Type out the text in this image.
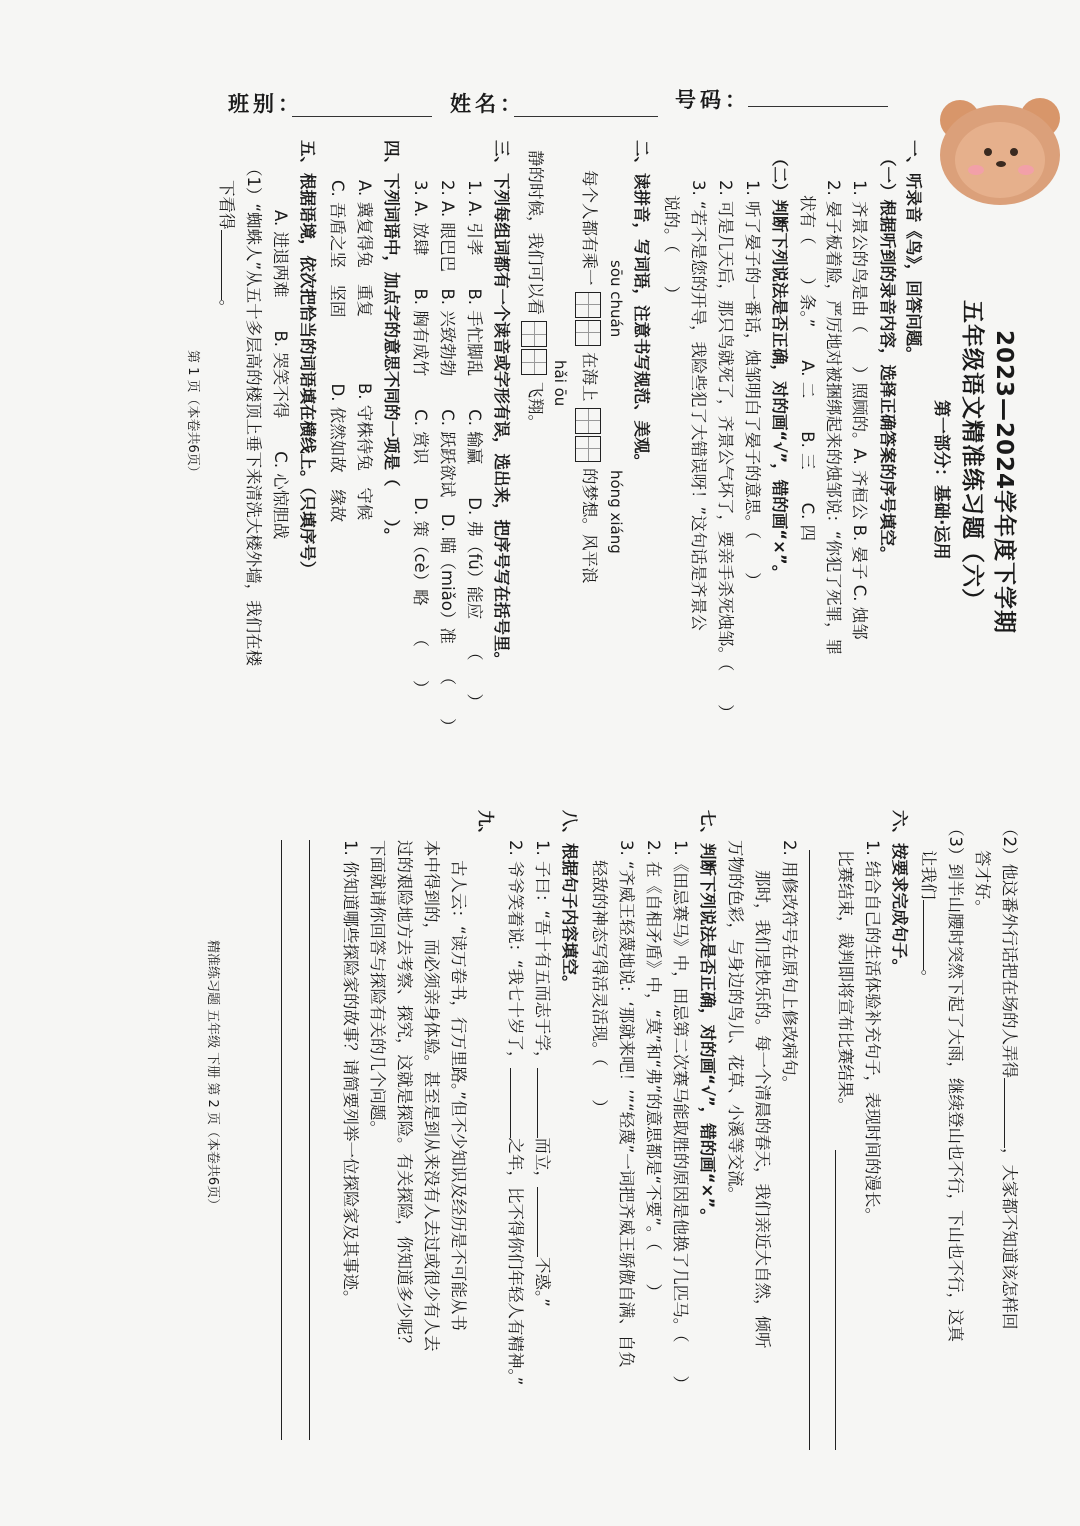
班别：	姓名：	号码：
2023—2024学年度下学期
五年级语文精准练习题（六）
第一部分：基础·运用
一、听录音《鸟》，回答问题。
（一）根据听到的录音内容，选择正确答案的序号填空。
1. 齐景公的鸟是由（　　）照顾的。A. 齐桓公 B. 晏子 C. 烛邹
2. 晏子板着脸，严厉地对被捆绑起来的烛邹说：“你犯了死罪，罪
状有（　　）条。”　　A. 二　　B. 三　　C. 四
（二）判断下列说法是否正确，对的画“√”，错的画“×”。
1. 听了晏子的一番话，烛邹明白了晏子的意思。（　　）
2. 可是几天后，那只鸟就死了，齐景公气坏了，要亲手杀死烛邹。（　　）
3. “若不是您的开导，我险些犯了大错误呀！”这句话是齐景公
说的。（　　）
二、读拼音，写词语，注意书写规范、美观。
sōu chuán
hóng xiáng
每个人都有乘一  在海上  的梦想。风平浪
hǎi ōu
静的时候，我们可以看  飞翔。
三、下列每组词都有一个读音或字形有误，选出来，把序号写在括号里。
1. A. 引孝　　B. 手忙脚乱　　C. 输赢　　D. 弗（fú）能应　　（　　）
2. A. 眼巴巴　B. 兴致勃勃　　C. 跃跃欲试　D. 瞄（miǎo）准　　（　　）
3. A. 放肆　　B. 胸有成竹　　C. 赏识　　D. 策（cè）略　　（　　）
四、下列词语中，加点字的意思不同的一项是（　　）。
A. 冀复得兔　重复　　　　B. 守株待兔　守候
C. 吾盾之坚　坚固　　　　D. 依然如故　缘故
五、根据语境，依次把恰当的词语填在横线上。（只填序号）
A. 进退两难　　B. 哭笑不得　　C. 心惊胆战
（1）“蜘蛛人”从五十多层高的楼顶上垂下来清洗大楼外墙，我们在楼
下看得。
第 1 页（本卷共6页）
（2）他这番外行话把在场的人弄得，大家都不知道该怎样回
答才好。
（3）到半山腰时突然下起了大雨，继续登山也不行，下山也不行，这真
让我们。
六、按要求完成句子。
1. 结合自己的生活体验补充句子，表现时间的漫长。
比赛结束，裁判即将宣布比赛结果。
2. 用修改符号在原句上修改病句。
那时，我们是快乐的。每一个清晨的春天，我们亲近大自然，倾听
万物的色彩，与身边的鸟儿、花草、小溪等交流。
七、判断下列说法是否正确，对的画“√”，错的画“×”。
1.《田忌赛马》中，田忌第二次赛马能取胜的原因是他换了几匹马。（　　）
2. 在《自相矛盾》中，“莫”和“弗”的意思都是“不要”。（　　）
3. “齐威王轻蔑地说：‘那就来吧！’”“轻蔑”一词把齐威王骄傲自满、自负
轻敌的神态写得活灵活现。（　　）
八、根据句子内容填空。
1. 子曰：“吾十有五而志于学，而立，不惑。”
2. 爷爷笑着说：“我七十岁了，之年，比不得你们年轻人有精神。”
九、
古人云：“读万卷书，行万里路。”但不少知识及经历是不可能从书
本中得到的，而必须亲身体验。甚至是到从来没有人去过或很少有人去
过的艰险地方去考察、探究，这就是探险。有关探险，你知道多少呢？
下面就请你回答与探险有关的几个问题。
1. 你知道哪些探险家的故事？请简要列举一位探险家及其事迹。
精准练习题 五年级 下册 第 2 页（本卷共6页）
